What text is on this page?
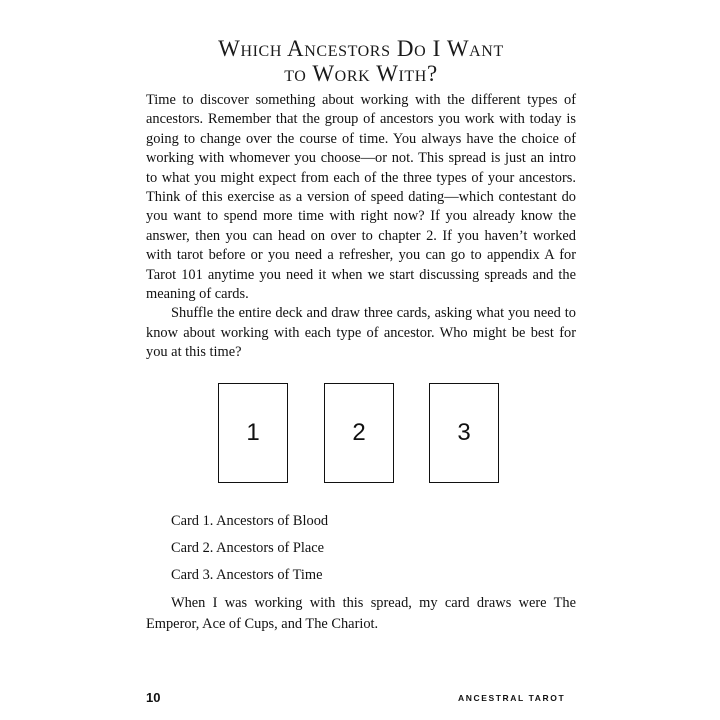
Which Ancestors Do I Want
to Work With?

Time to discover something about working with the different types of ancestors. Remember that the group of ancestors you work with today is going to change over the course of time. You always have the choice of working with whomever you choose—or not. This spread is just an intro to what you might expect from each of the three types of your ancestors. Think of this exercise as a version of speed dating—which contestant do you want to spend more time with right now? If you already know the answer, then you can head on over to chapter 2. If you haven’t worked with tarot before or you need a refresher, you can go to appendix A for Tarot 101 anytime you need it when we start discussing spreads and the meaning of cards.

Shuffle the entire deck and draw three cards, asking what you need to know about working with each type of ancestor. Who might be best for you at this time?

1	2	3
Card 1. Ancestors of Blood
Card 2. Ancestors of Place
Card 3. Ancestors of Time

When I was working with this spread, my card draws were The Emperor, Ace of Cups, and The Chariot.

10	ANCESTRAL TAROT
